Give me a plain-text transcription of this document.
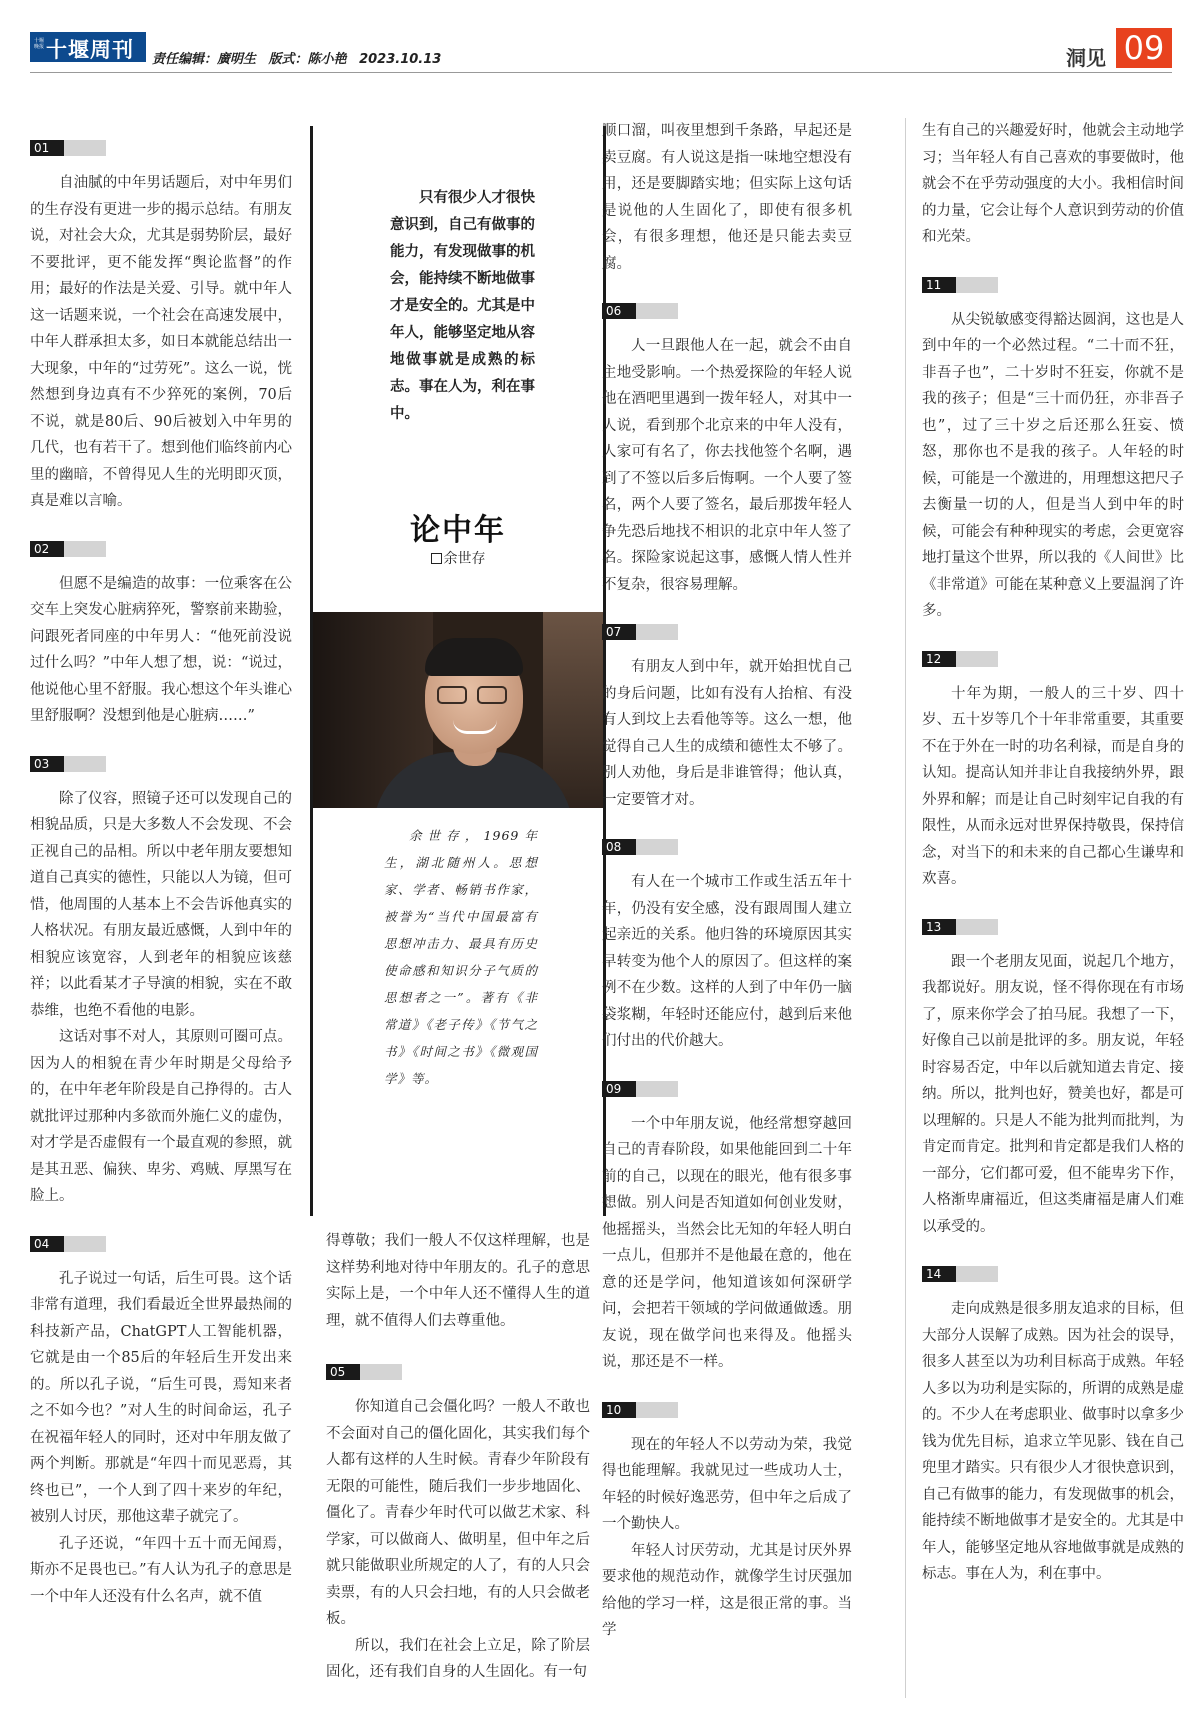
十堰晚报 十堰周刊 责任编辑：廣明生 版式：陈小艳 2023.10.13	洞见 09
01

自油腻的中年男话题后，对中年男们的生存没有更进一步的揭示总结。有朋友说，对社会大众，尤其是弱势阶层，最好不要批评，更不能发挥“舆论监督”的作用；最好的作法是关爱、引导。就中年人这一话题来说，一个社会在高速发展中，中年人群承担太多，如日本就能总结出一大现象，中年的“过劳死”。这么一说，恍然想到身边真有不少猝死的案例，70后不说，就是80后、90后被划入中年男的几代，也有若干了。想到他们临终前内心里的幽暗，不曾得见人生的光明即灭顶，真是难以言喻。

02

但愿不是编造的故事：一位乘客在公交车上突发心脏病猝死，警察前来勘验，问跟死者同座的中年男人：“他死前没说过什么吗？”中年人想了想，说：“说过，他说他心里不舒服。我心想这个年头谁心里舒服啊？没想到他是心脏病……”

03

除了仪容，照镜子还可以发现自己的相貌品质，只是大多数人不会发现、不会正视自己的品相。所以中老年朋友要想知道自己真实的德性，只能以人为镜，但可惜，他周围的人基本上不会告诉他真实的人格状况。有朋友最近感慨，人到中年的相貌应该宽容，人到老年的相貌应该慈祥；以此看某才子导演的相貌，实在不敢恭维，也绝不看他的电影。

这话对事不对人，其原则可圈可点。因为人的相貌在青少年时期是父母给予的，在中年老年阶段是自己挣得的。古人就批评过那种内多欲而外施仁义的虚伪，对才学是否虚假有一个最直观的参照，就是其丑恶、偏狭、卑劣、鸡贼、厚黑写在脸上。

04

孔子说过一句话，后生可畏。这个话非常有道理，我们看最近全世界最热闹的科技新产品，ChatGPT人工智能机器，它就是由一个85后的年轻后生开发出来的。所以孔子说，“后生可畏，焉知来者之不如今也？”对人生的时间命运，孔子在祝福年轻人的同时，还对中年朋友做了两个判断。那就是“年四十而见恶焉，其终也已”，一个人到了四十来岁的年纪，被别人讨厌，那他这辈子就完了。

孔子还说，“年四十五十而无闻焉，斯亦不足畏也已。”有人认为孔子的意思是一个中年人还没有什么名声，就不值

只有很少人才很快意识到，自己有做事的能力，有发现做事的机会，能持续不断地做事才是安全的。尤其是中年人，能够坚定地从容地做事就是成熟的标志。事在人为，利在事中。

论中年
余世存

余世存，1969年生，湖北随州人。思想家、学者、畅销书作家，被誉为“当代中国最富有思想冲击力、最具有历史使命感和知识分子气质的思想者之一”。著有《非常道》《老子传》《节气之书》《时间之书》《微观国学》等。

得尊敬；我们一般人不仅这样理解，也是这样势利地对待中年朋友的。孔子的意思实际上是，一个中年人还不懂得人生的道理，就不值得人们去尊重他。

05

你知道自己会僵化吗？一般人不敢也不会面对自己的僵化固化，其实我们每个人都有这样的人生时候。青春少年阶段有无限的可能性，随后我们一步步地固化、僵化了。青春少年时代可以做艺术家、科学家，可以做商人、做明星，但中年之后就只能做职业所规定的人了，有的人只会卖票，有的人只会扫地，有的人只会做老板。

所以，我们在社会上立足，除了阶层固化，还有我们自身的人生固化。有一句

顺口溜，叫夜里想到千条路，早起还是卖豆腐。有人说这是指一味地空想没有用，还是要脚踏实地；但实际上这句话是说他的人生固化了，即使有很多机会，有很多理想，他还是只能去卖豆腐。

06

人一旦跟他人在一起，就会不由自主地受影响。一个热爱探险的年轻人说他在酒吧里遇到一拨年轻人，对其中一人说，看到那个北京来的中年人没有，人家可有名了，你去找他签个名啊，遇到了不签以后多后悔啊。一个人要了签名，两个人要了签名，最后那拨年轻人争先恐后地找不相识的北京中年人签了名。探险家说起这事，感慨人情人性并不复杂，很容易理解。

07

有朋友人到中年，就开始担忧自己的身后问题，比如有没有人抬棺、有没有人到坟上去看他等等。这么一想，他觉得自己人生的成绩和德性太不够了。别人劝他，身后是非谁管得；他认真，一定要管才对。

08

有人在一个城市工作或生活五年十年，仍没有安全感，没有跟周围人建立起亲近的关系。他归咎的环境原因其实早转变为他个人的原因了。但这样的案例不在少数。这样的人到了中年仍一脑袋浆糊，年轻时还能应付，越到后来他们付出的代价越大。

09

一个中年朋友说，他经常想穿越回自己的青春阶段，如果他能回到二十年前的自己，以现在的眼光，他有很多事想做。别人问是否知道如何创业发财，他摇摇头，当然会比无知的年轻人明白一点儿，但那并不是他最在意的，他在意的还是学问，他知道该如何深研学问，会把若干领域的学问做通做透。朋友说，现在做学问也来得及。他摇头说，那还是不一样。

10

现在的年轻人不以劳动为荣，我觉得也能理解。我就见过一些成功人士，年轻的时候好逸恶劳，但中年之后成了一个勤快人。

年轻人讨厌劳动，尤其是讨厌外界要求他的规范动作，就像学生讨厌强加给他的学习一样，这是很正常的事。当学

生有自己的兴趣爱好时，他就会主动地学习；当年轻人有自己喜欢的事要做时，他就会不在乎劳动强度的大小。我相信时间的力量，它会让每个人意识到劳动的价值和光荣。

11

从尖锐敏感变得豁达圆润，这也是人到中年的一个必然过程。“二十而不狂，非吾子也”，二十岁时不狂妄，你就不是我的孩子；但是“三十而仍狂，亦非吾子也”，过了三十岁之后还那么狂妄、愤怒，那你也不是我的孩子。人年轻的时候，可能是一个激进的，用理想这把尺子去衡量一切的人，但是当人到中年的时候，可能会有种种现实的考虑，会更宽容地打量这个世界，所以我的《人间世》比《非常道》可能在某种意义上要温润了许多。

12

十年为期，一般人的三十岁、四十岁、五十岁等几个十年非常重要，其重要不在于外在一时的功名利禄，而是自身的认知。提高认知并非让自我接纳外界，跟外界和解；而是让自己时刻牢记自我的有限性，从而永远对世界保持敬畏，保持信念，对当下的和未来的自己都心生谦卑和欢喜。

13

跟一个老朋友见面，说起几个地方，我都说好。朋友说，怪不得你现在有市场了，原来你学会了拍马屁。我想了一下，好像自己以前是批评的多。朋友说，年轻时容易否定，中年以后就知道去肯定、接纳。所以，批判也好，赞美也好，都是可以理解的。只是人不能为批判而批判，为肯定而肯定。批判和肯定都是我们人格的一部分，它们都可爱，但不能卑劣下作，人格渐卑庸福近，但这类庸福是庸人们难以承受的。

14

走向成熟是很多朋友追求的目标，但大部分人误解了成熟。因为社会的误导，很多人甚至以为功利目标高于成熟。年轻人多以为功利是实际的，所谓的成熟是虚的。不少人在考虑职业、做事时以拿多少钱为优先目标，追求立竿见影、钱在自己兜里才踏实。只有很少人才很快意识到，自己有做事的能力，有发现做事的机会，能持续不断地做事才是安全的。尤其是中年人，能够坚定地从容地做事就是成熟的标志。事在人为，利在事中。
